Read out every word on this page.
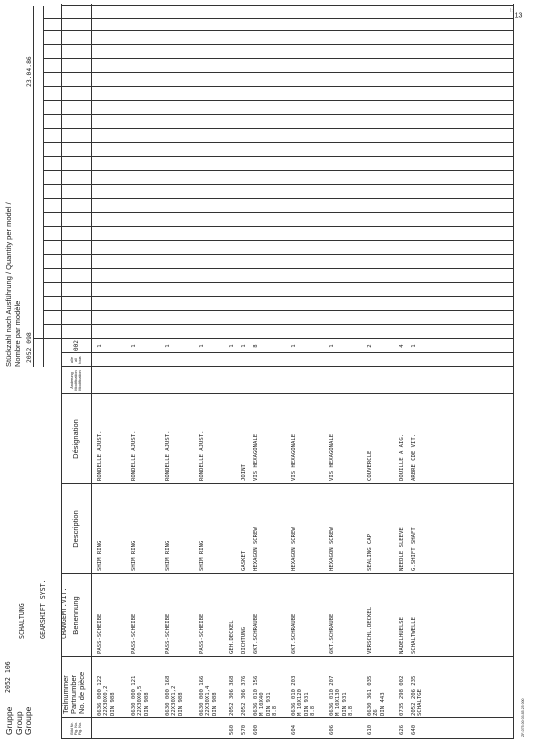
I:
Gruppe Group Groupe
2052 106

SCHALTUNG

GEARSHIFT SYST.

CHANGEMT.VIT.

Stückzahl nach Ausführung / Quantity per model / Nombre par modèle 2052 098
23.04.86
Bild Nr. Fig. No. Fig. No.
Teilnummer Partnumber No. de pièce
Benennung
Description
Désignation
Änderung Modification Modification
alle all tous
002
0636 000 122
22X30X0,2
DIN 988
PASS-SCHEIBE
SHIM RING
RONDELLE AJUST.
1
0630 000 121
22X30X0,5
DIN 988
PASS-SCHEIBE
SHIM RING
RONDELLE AJUST.
1
0630 000 168
22X30X1,2
DIN 988
PASS-SCHEIBE
SHIM RING
RONDELLE AJUST.
1
0630 000 166
22X30X1,4
DIN 988
PASS-SCHEIBE
SHIM RING
RONDELLE AJUST.
1
560
2052 306 368
GEH.DECKEL
1
570
2052 306 376
DICHTUNG
GASKET
JOINT
1
600
0636 010 156
M 10X40
DIN 931
8.8
6KT.SCHRAUBE
HEXAGON SCREW
VIS HEXAGONALE
8
604
0636 010 203
M 10X120
DIN 931
8.8
6KT.SCHRAUBE
HEXAGON SCREW
VIS HEXAGONALE
1
606
0636 010 207
M 10X130
DIN 931
8.8
6KT.SCHRAUBE
HEXAGON SCREW
VIS HEXAGONALE
1
610
0630 361 035
Z6
DIN 443
VERSCHL.DECKEL
SEALING CAP
COUVERCLE
2
626
0735 298 002
NADELHUELSE
NEEDLE SLEEVE
DOUILLE A AIG.
4
640
2052 206 235
SCHALTGE
SCHALTWELLE
G.SHIFT SHAFT
ARBRE CDE VIT.
1
ZF-075.00 03.85 25 000
13
